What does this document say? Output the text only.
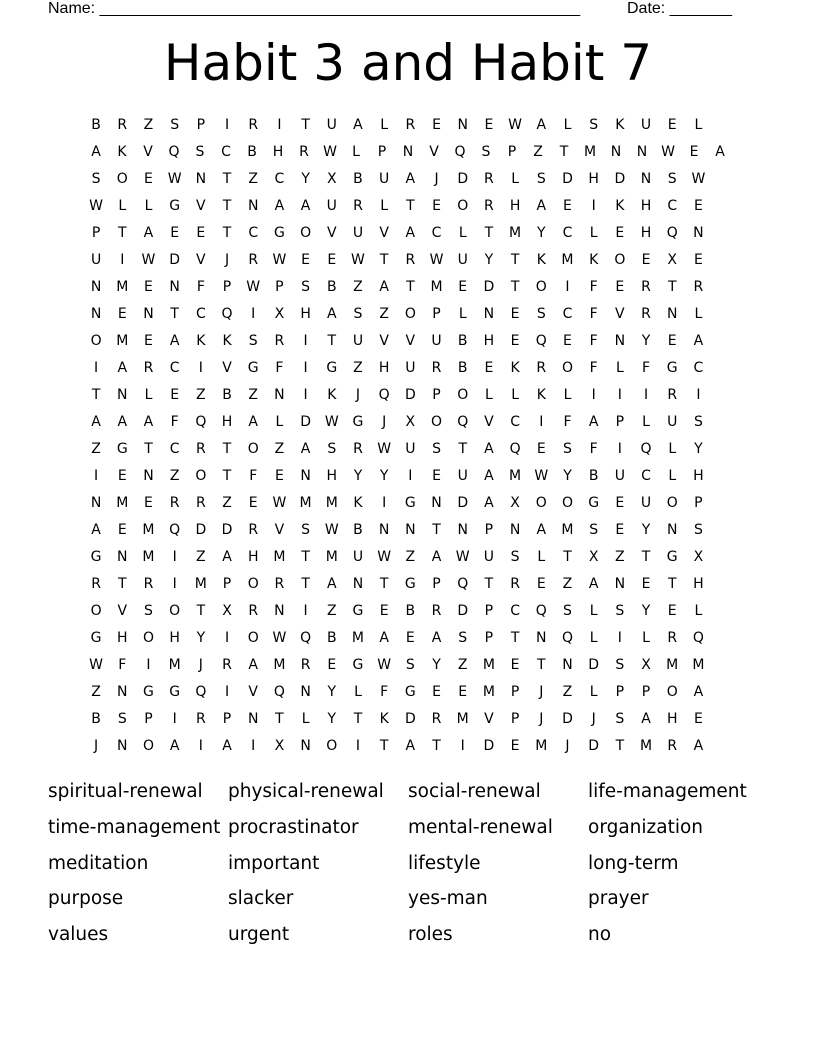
Name: ______________________________________________________	Date: _______
Habit 3 and Habit 7
B	R	Z	S	P	I	R	I	T	U	A	L	R	E	N	E	W	A	L	S	K	U	E	L
A	K	V	Q	S	C	B	H	R	W	L	P	N	V	Q	S	P	Z	T	M	N	N W	E	A
S	O	E	W	N	T	Z	C	Y	X	B	U	A	J	D	R	L	S	D	H	D	N	S	W
W	L	L	G	V	T	N	A	A	U	R	L	T	E	O	R	H	A	E	I	K	H	C	E
P	T	A	E	E	T	C	G	O	V	U	V	A	C	L	T	M	Y	C	L	E	H	Q	N
U	I	W D	V	J	R	W	E	E	W	T	R	W	U	Y	T	K	M	K	O	E	X	E
N	M	E	N	F	P	W	P	S	B	Z	A	T	M	E	D	T	O	I	F	E	R	T	R
N	E	N	T	C	Q	I	X	H	A	S	Z	O	P	L	N	E	S	C	F	V	R	N	L
O	M	E	A	K	K	S	R	I	T	U	V	V	U	B	H	E	Q	E	F	N	Y	E	A
I	A	R	C	I	V	G	F	I	G	Z	H	U	R	B	E	K	R	O	F	L	F	G	C
T	N	L	E	Z	B	Z	N	I	K	J	Q	D	P	O	L	L	K	L	I	I	I	R	I
A	A	A	F	Q	H	A	L	D W G	J	X	O	Q	V	C	I	F	A	P	L	U	S
Z	G	T	C	R	T	O	Z	A	S	R	W	U	S	T	A	Q	E	S	F	I	Q	L	Y
I	E	N	Z	O	T	F	E	N	H	Y	Y	I	E	U	A	M W	Y	B	U	C	L	H
N	M	E	R	R	Z	E	W M	M	K	I	G	N	D	A	X	O	O	G	E	U	O	P
A	E	M	Q	D	D	R	V	S	W	B	N	N	T	N	P	N	A	M	S	E	Y	N	S
G	N	M	I	Z	A	H	M	T	M	U	W	Z	A	W	U	S	L	T	X	Z	T	G	X
R	T	R	I	M	P	O	R	T	A	N	T	G	P	Q	T	R	E	Z	A	N	E	T	H
O	V	S	O	T	X	R	N	I	Z	G	E	B	R	D	P	C	Q	S	L	S	Y	E	L
G	H	O	H	Y	I	O W Q	B	M	A	E	A	S	P	T	N	Q	L	I	L	R	Q
W	F	I	M	J	R	A	M	R	E	G W	S	Y	Z	M	E	T	N	D	S	X	M	M
Z	N	G	G	Q	I	V	Q	N	Y	L	F	G	E	E	M	P	J	Z	L	P	P	O	A
B	S	P	I	R	P	N	T	L	Y	T	K	D	R	M	V	P	J	D	J	S	A	H	E
J	N	O	A	I	A	I	X	N	O	I	T	A	T	I	D	E	M	J	D	T	M	R	A
spiritual-renewal	physical-renewal	social-renewal	life-management
time-management procrastinator	mental-renewal	organization
meditation	important	lifestyle	long-term
purpose	slacker	yes-man	prayer
values	urgent	roles	no
